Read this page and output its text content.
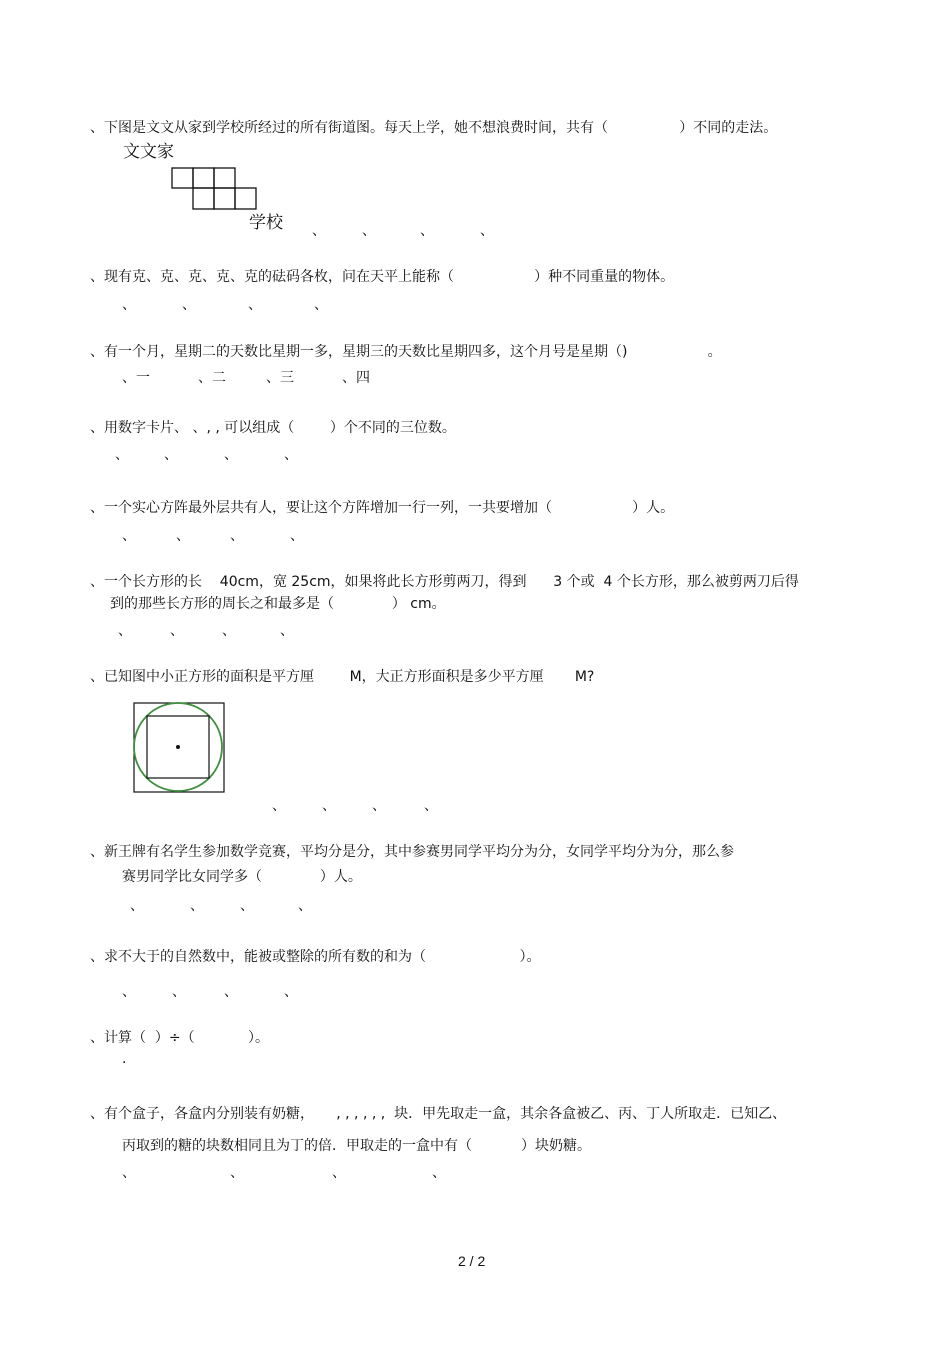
、下图是文文从家到学校所经过的所有街道图。每天上学，她不想浪费时间，共有（                ）不同的走法。
文文家
学校 、	、	、	、
、现有克、克、克、克、克的砝码各枚，问在天平上能称（                  ）种不同重量的物体。
、	、	、	、
、有一个月，星期二的天数比星期一多，星期三的天数比星期四多，这个月号是星期（)                  。
、一	、二	、三	、四
、用数字卡片、 、, , 可以组成（        ）个不同的三位数。
、	、	、	、
、一个实心方阵最外层共有人，要让这个方阵增加一行一列，一共要增加（                  ）人。
、	、	、	、
、一个长方形的长    40cm，宽 25cm，如果将此长方形剪两刀，得到      3 个或  4 个长方形，那么被剪两刀后得
到的那些长方形的周长之和最多是（             ） cm。
、	、	、	、
、已知图中小正方形的面积是平方厘        M，大正方形面积是多少平方厘       M?
、	、	、	、
、新王牌有名学生参加数学竞赛，平均分是分，其中参赛男同学平均分为分，女同学平均分为分，那么参
赛男同学比女同学多（             ）人。
、	、	、	、
、求不大于的自然数中，能被或整除的所有数的和为（                     ）。
、	、	、	、
、计算（  ）÷（            ）。
.
、有个盒子，各盒内分别装有奶糖，     , , , , , ,  块．甲先取走一盒，其余各盒被乙、丙、丁人所取走．已知乙、
丙取到的糖的块数相同且为丁的倍．甲取走的一盒中有（           ）块奶糖。
、	、	、	、
2 / 2
